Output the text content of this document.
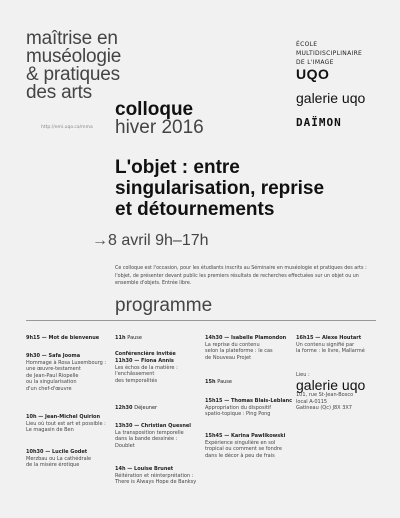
maîtrise en
muséologie
& pratiques
des arts
colloque
hiver 2016
http://emi.uqo.ca/mma
ÉCOLE
MULTIDISCIPLINAIRE
DE L'IMAGE
UQO
galerie uqo
DAÏMON
L'objet : entre
singularisation, reprise
et détournements
→8 avril 9h–17h
Ce colloque est l'occasion, pour les étudiants inscrits au Séminaire en muséologie et pratiques des arts : l'objet, de présenter devant public les premiers résultats de recherches effectuées sur un objet ou un ensemble d'objets. Entrée libre.
programme
9h15 — Mot de bienvenue
9h30 — Safa Jooma
Hommage à Rosa Luxembourg :
une œuvre-testament
de Jean-Paul Riopelle
ou la singularisation
d'un chef-d'œuvre
10h — Jean-Michel Quirion
Lieu où tout est art et possible :
Le magasin de Ben
10h30 — Lucile Godet
Merzbau ou La cathédrale
de la misère érotique
11h Pause
Conférencière invitée
11h30 — Fiona Annis
Les échos de la matière :
l'enchâssement
des temporalités
12h30 Déjeuner
13h30 — Christian Quesnel
La transposition temporelle
dans la bande dessinée :
Doublet
14h — Louise Brunet
Réitération et réinterprétation :
There is Always Hope de Banksy
14h30 — Isabelle Plamondon
La reprise du contenu
selon la plateforme : le cas
de Nouveau Projet
15h Pause
15h15 — Thomas Blais-Leblanc
Appropriation du dispositif
spatio-topique : Ping Pong
15h45 — Karina Pawlikowski
Expérience singulière en sol
tropical ou comment se fondre
dans le décor à peu de frais
Lieu :
galerie uqo
101, rue St-Jean-Bosco
local A-0115
Gatineau (Qc) J8X 3X7
16h15 — Alexe Houtart
Un contenu signifié par
la forme : le livre, Mallarmé
